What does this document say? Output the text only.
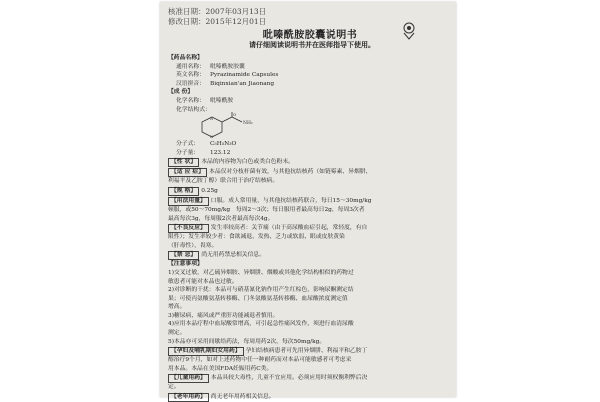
核准日期：2007年03月13日
修改日期：2015年12月01日
吡嗪酰胺胶囊说明书
请仔细阅读说明书并在医师指导下使用。
【药品名称】
通用名称： 吡嗪酰胺胶囊
英文名称： Pyrazinamide Capsules
汉语拼音： Biqinxian'an Jiaonang
【成 份】
化学名称： 吡嗪酰胺
化学结构式：
N
N
NH₂
O
分子式： C₅H₅N₃O
分子量： 123.12
【性 状】 本品的内容物为白色或类白色粉末。
【适 应 症】 本品仅对分枝杆菌有效，与其他抗结核药（如链霉素、异烟肼、
利福平及乙胺丁醇）联合用于治疗结核病。
【规 格】 0.25g
【用法用量】 口服。成人常用量，与其他抗结核药联合，每日15～30mg/kg
顿服，或50～70mg/kg　每周2～3次；每日服用者最高每日2g，每周3次者
最高每次3g，每周服2次者最高每次4g。
【不良反应】 发生率较高者：关节痛（由于高尿酸血症引起，常轻度，有自
限性）；发生率较少者：食欲减退、发热、乏力或软弱、眼或皮肤黄染
（肝毒性），畏寒。
【禁 忌】 尚无用药禁忌相关信息。
【注意事项】
1)交叉过敏，对乙硫异烟胺、异烟肼、烟酸或其他化学结构相似的药物过
敏患者可能对本品也过敏。
2)对诊断的干扰：本品可与硝基氰化钠作用产生红棕色，影响尿酮测定结
果；可使丙氨酸氨基转移酶、门冬氨酸氨基转移酶、血尿酸浓度测定值
增高。
3)糖尿病、痛风或严重肝功能减退者慎用。
4)应用本品疗程中血尿酸常增高，可引起急性痛风发作，须进行血清尿酸
测定。
5)本品亦可采用间歇给药法，每周用药2次，每次50mg/kg。
【孕妇及哺乳期妇女用药】 孕妇结核病患者可先用异烟肼、利福平和乙胺丁
醇治疗9个月，如对上述药物中任一种耐药而对本品可能敏感者可考虑采
用本品。本品在美国FDA妊娠用药C类。
【儿童用药】 本品具较大毒性，儿童不宜应用。必须应用时须权衡利弊后决
定。
【老年用药】 尚无老年用药相关信息。
